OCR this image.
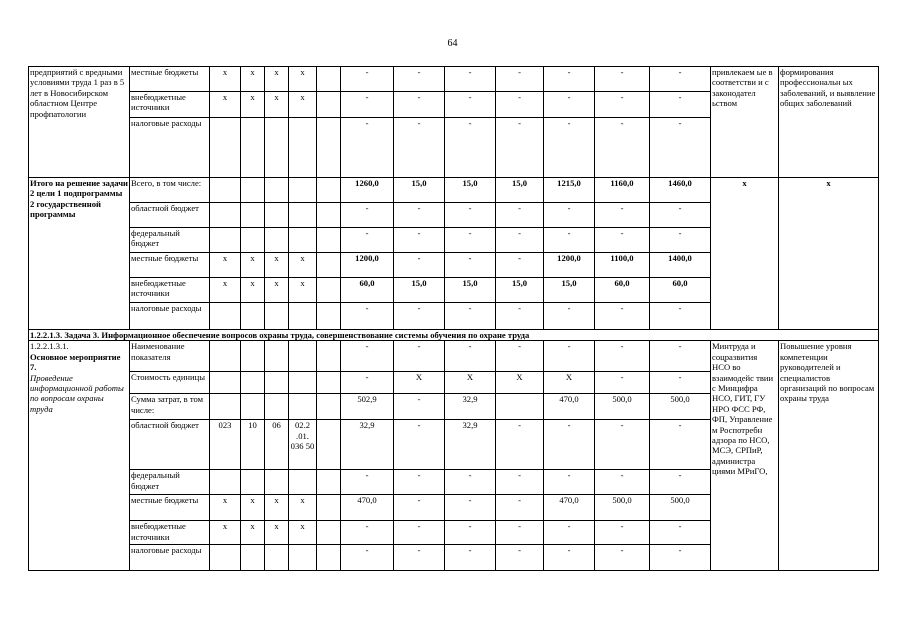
64
предприятий с вредными условиями труда 1 раз в 5 лет в Новосибирском областном Центре профпатологии	местные бюджеты	х	х	х	х		-	-	-	-	-	-	-	привлекаем ые в соответстви и с законодател ьством	формирования профессиональн ых заболеваний, и выявление общих заболеваний
	внебюджетные источники	х	х	х	х		-	-	-	-	-	-	-		
	налоговые расходы						-	-	-	-	-	-	-		
Итого на решение задачи 2 цели 1 подпрограммы 2 государственной программы	Всего, в том числе:						1260,0	15,0	15,0	15,0	1215,0	1160,0	1460,0	х	х
	областной бюджет						-	-	-	-	-	-	-		
	федеральный бюджет						-	-	-	-	-	-	-		
	местные бюджеты	х	х	х	х		1200,0	-	-	-	1200,0	1100,0	1400,0		
	внебюджетные источники	х	х	х	х		60,0	15,0	15,0	15,0	15,0	60,0	60,0		
	налоговые расходы						-	-	-	-	-	-	-		
1.2.2.1.3. Задача 3. Информационное обеспечение вопросов охраны труда, совершенствование системы обучения по охране труда															

1.2.2.1.3.1.
Основное мероприятие 7.
Проведение информационной работы по вопросам охраны труда	Наименование показателя						-	-	-	-	-	-	-	Минтруда и соцразвития НСО во взаимодейс твии с Минцифра НСО, ГИТ, ГУ НРО ФСС РФ, ФП, Управление м Роспотребн адзора по НСО, МСЭ, СРПиР, администра циями МРиГО,	Повышение уровня компетенции руководителей и специалистов организаций по вопросам охраны труда
	Стоимость единицы						-	Х	Х	Х	Х	-	-		
	Сумма затрат, в том числе:						502,9	-	32,9		470,0	500,0	500,0		
	областной бюджет	023	10	06	02.2 .01. 036 50		32,9	-	32,9	-	-	-	-		
	федеральный бюджет						-	-	-	-	-	-	-		
	местные бюджеты	х	х	х	х		470,0	-	-	-	470,0	500,0	500,0		
	внебюджетные источники	х	х	х	х		-	-	-	-	-	-	-		
	налоговые расходы						-	-	-	-	-	-	-		
